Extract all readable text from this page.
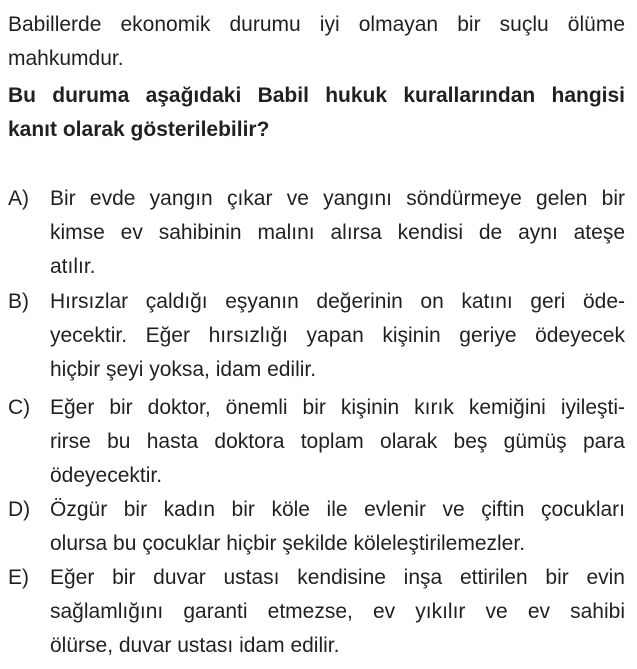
Babillerde ekonomik durumu iyi olmayan bir suçlu ölüme
mahkumdur.
Bu duruma aşağıdaki Babil hukuk kurallarından hangisi
kanıt olarak gösterilebilir?
A) Bir evde yangın çıkar ve yangını söndürmeye gelen bir
kimse ev sahibinin malını alırsa kendisi de aynı ateşe
atılır.
B) Hırsızlar çaldığı eşyanın değerinin on katını geri öde-
yecektir. Eğer hırsızlığı yapan kişinin geriye ödeyecek
hiçbir şeyi yoksa, idam edilir.
C) Eğer bir doktor, önemli bir kişinin kırık kemiğini iyileşti-
rirse bu hasta doktora toplam olarak beş gümüş para
ödeyecektir.
D) Özgür bir kadın bir köle ile evlenir ve çiftin çocukları
olursa bu çocuklar hiçbir şekilde köleleştirilemezler.
E) Eğer bir duvar ustası kendisine inşa ettirilen bir evin
sağlamlığını garanti etmezse, ev yıkılır ve ev sahibi
ölürse, duvar ustası idam edilir.
